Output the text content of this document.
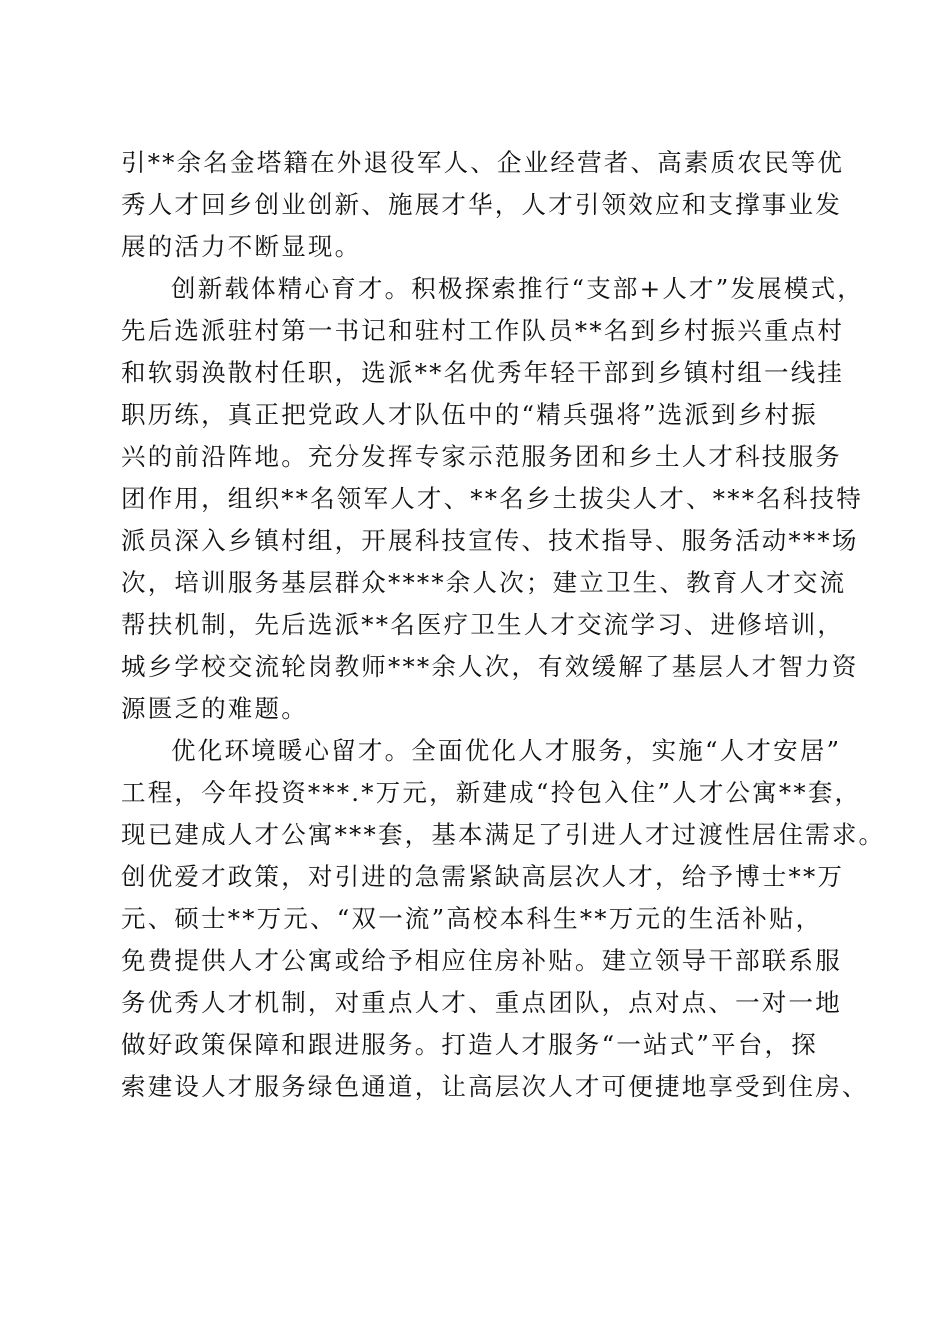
引**余名金塔籍在外退役军人、企业经营者、高素质农民等优
秀人才回乡创业创新、施展才华，人才引领效应和支撑事业发
展的活力不断显现。
创新载体精心育才。积极探索推行“支部+人才”发展模式，
先后选派驻村第一书记和驻村工作队员**名到乡村振兴重点村
和软弱涣散村任职，选派**名优秀年轻干部到乡镇村组一线挂
职历练，真正把党政人才队伍中的“精兵强将”选派到乡村振
兴的前沿阵地。充分发挥专家示范服务团和乡土人才科技服务
团作用，组织**名领军人才、**名乡土拔尖人才、***名科技特
派员深入乡镇村组，开展科技宣传、技术指导、服务活动***场
次，培训服务基层群众****余人次；建立卫生、教育人才交流
帮扶机制，先后选派**名医疗卫生人才交流学习、进修培训，
城乡学校交流轮岗教师***余人次，有效缓解了基层人才智力资
源匮乏的难题。
优化环境暖心留才。全面优化人才服务，实施“人才安居”
工程，今年投资***.*万元，新建成“拎包入住”人才公寓**套，
现已建成人才公寓***套，基本满足了引进人才过渡性居住需求。
创优爱才政策，对引进的急需紧缺高层次人才，给予博士**万
元、硕士**万元、“双一流”高校本科生**万元的生活补贴，
免费提供人才公寓或给予相应住房补贴。建立领导干部联系服
务优秀人才机制，对重点人才、重点团队，点对点、一对一地
做好政策保障和跟进服务。打造人才服务“一站式”平台，探
索建设人才服务绿色通道，让高层次人才可便捷地享受到住房、
